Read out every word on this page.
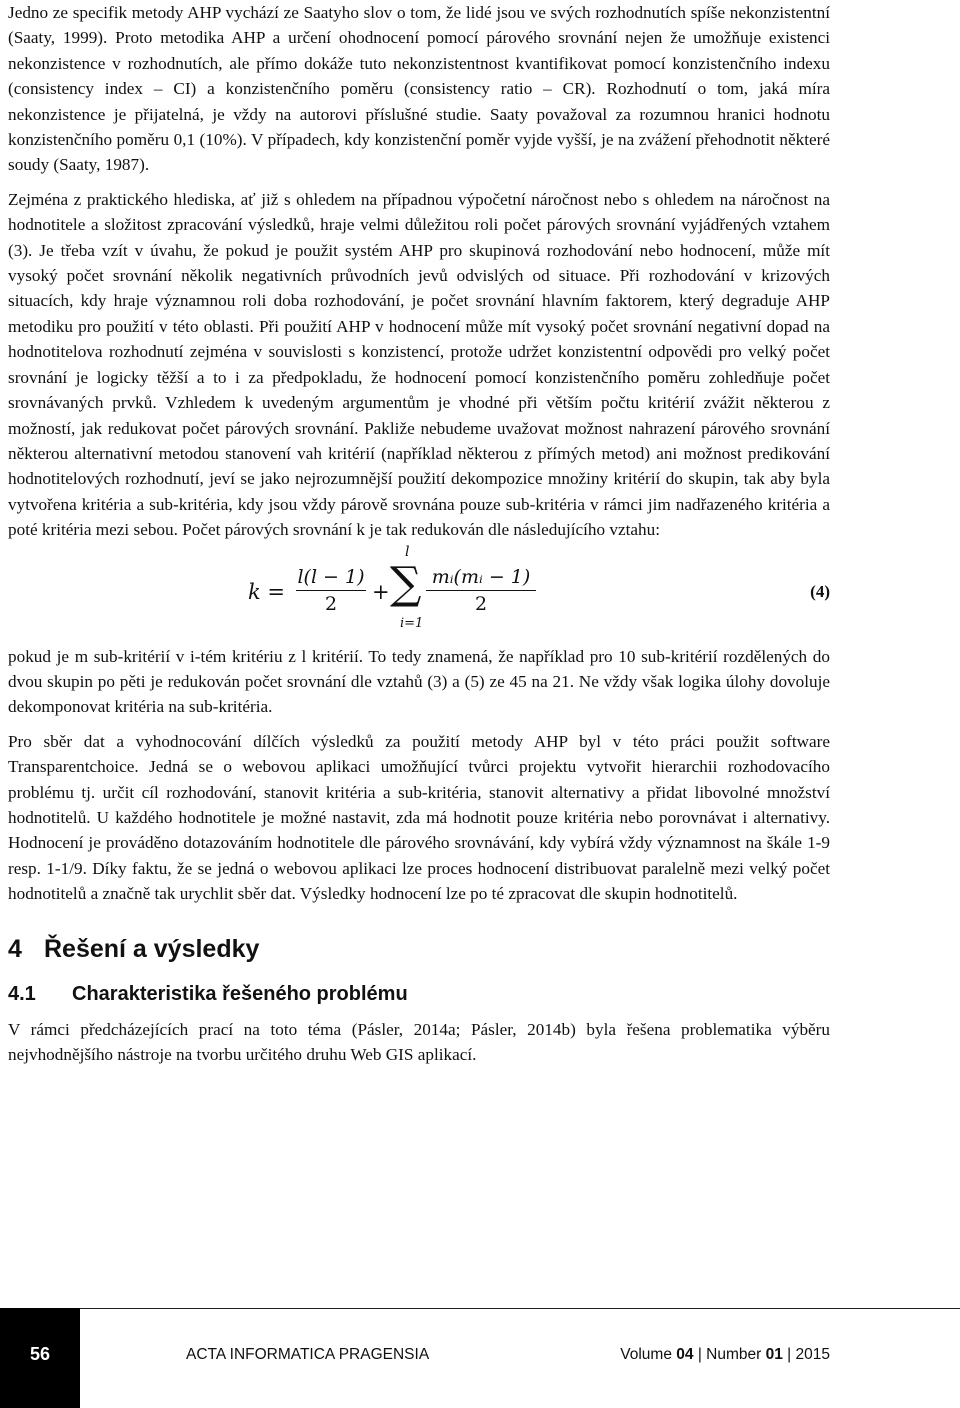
Jedno ze specifik metody AHP vychází ze Saatyho slov o tom, že lidé jsou ve svých rozhodnutích spíše nekonzistentní (Saaty, 1999). Proto metodika AHP a určení ohodnocení pomocí párového srovnání nejen že umožňuje existenci nekonzistence v rozhodnutích, ale přímo dokáže tuto nekonzistentnost kvantifikovat pomocí konzistenčního indexu (consistency index – CI) a konzistenčního poměru (consistency ratio – CR). Rozhodnutí o tom, jaká míra nekonzistence je přijatelná, je vždy na autorovi příslušné studie. Saaty považoval za rozumnou hranici hodnotu konzistenčního poměru 0,1 (10%). V případech, kdy konzistenční poměr vyjde vyšší, je na zvážení přehodnotit některé soudy (Saaty, 1987).

Zejména z praktického hlediska, ať již s ohledem na případnou výpočetní náročnost nebo s ohledem na náročnost na hodnotitele a složitost zpracování výsledků, hraje velmi důležitou roli počet párových srovnání vyjádřených vztahem (3). Je třeba vzít v úvahu, že pokud je použit systém AHP pro skupinová rozhodování nebo hodnocení, může mít vysoký počet srovnání několik negativních průvodních jevů odvislých od situace. Při rozhodování v krizových situacích, kdy hraje významnou roli doba rozhodování, je počet srovnání hlavním faktorem, který degraduje AHP metodiku pro použití v této oblasti. Při použití AHP v hodnocení může mít vysoký počet srovnání negativní dopad na hodnotitelova rozhodnutí zejména v souvislosti s konzistencí, protože udržet konzistentní odpovědi pro velký počet srovnání je logicky těžší a to i za předpokladu, že hodnocení pomocí konzistenčního poměru zohledňuje počet srovnávaných prvků. Vzhledem k uvedeným argumentům je vhodné při větším počtu kritérií zvážit některou z možností, jak redukovat počet párových srovnání. Pakliže nebudeme uvažovat možnost nahrazení párového srovnání některou alternativní metodou stanovení vah kritérií (například některou z přímých metod) ani možnost predikování hodnotitelových rozhodnutí, jeví se jako nejrozumnější použití dekompozice množiny kritérií do skupin, tak aby byla vytvořena kritéria a sub-kritéria, kdy jsou vždy párově srovnána pouze sub-kritéria v rámci jim nadřazeného kritéria a poté kritéria mezi sebou. Počet párových srovnání k je tak redukován dle následujícího vztahu:

k =
l(l − 1)
2	+
l
∑
i=1
mᵢ(mᵢ − 1)
2
(4)

pokud je m sub-kritérií v i-tém kritériu z l kritérií. To tedy znamená, že například pro 10 sub-kritérií rozdělených do dvou skupin po pěti je redukován počet srovnání dle vztahů (3) a (5) ze 45 na 21. Ne vždy však logika úlohy dovoluje dekomponovat kritéria na sub-kritéria.

Pro sběr dat a vyhodnocování dílčích výsledků za použití metody AHP byl v této práci použit software Transparentchoice. Jedná se o webovou aplikaci umožňující tvůrci projektu vytvořit hierarchii rozhodovacího problému tj. určit cíl rozhodování, stanovit kritéria a sub-kritéria, stanovit alternativy a přidat libovolné množství hodnotitelů. U každého hodnotitele je možné nastavit, zda má hodnotit pouze kritéria nebo porovnávat i alternativy. Hodnocení je prováděno dotazováním hodnotitele dle párového srovnávání, kdy vybírá vždy významnost na škále 1-9 resp. 1-1/9. Díky faktu, že se jedná o webovou aplikaci lze proces hodnocení distribuovat paralelně mezi velký počet hodnotitelů a značně tak urychlit sběr dat. Výsledky hodnocení lze po té zpracovat dle skupin hodnotitelů.

4 Řešení a výsledky
4.1 Charakteristika řešeného problému

V rámci předcházejících prací na toto téma (Pásler, 2014a; Pásler, 2014b) byla řešena problematika výběru nejvhodnějšího nástroje na tvorbu určitého druhu Web GIS aplikací.

56	ACTA INFORMATICA PRAGENSIA	Volume 04 | Number 01 | 2015
